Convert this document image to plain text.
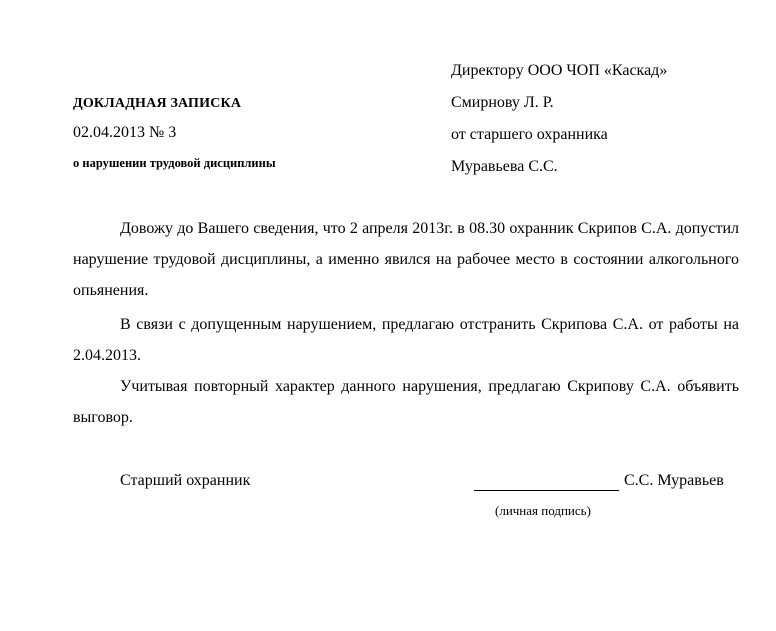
Директору ООО ЧОП «Каскад»
Смирнову Л. Р.
от старшего охранника
Муравьева С.С.
ДОКЛАДНАЯ ЗАПИСКА
02.04.2013 № 3
о нарушении трудовой дисциплины

Довожу до Вашего сведения, что 2 апреля 2013г. в 08.30 охранник Скрипов С.А. допустил нарушение трудовой дисциплины, а именно явился на рабочее место в состоянии алкогольного опьянения.

В связи с допущенным нарушением, предлагаю отстранить Скрипова С.А. от работы на 2.04.2013.

Учитывая повторный характер данного нарушения, предлагаю Скрипову С.А. объявить выговор.

Старший охранник	С.С. Муравьев
(личная подпись)
